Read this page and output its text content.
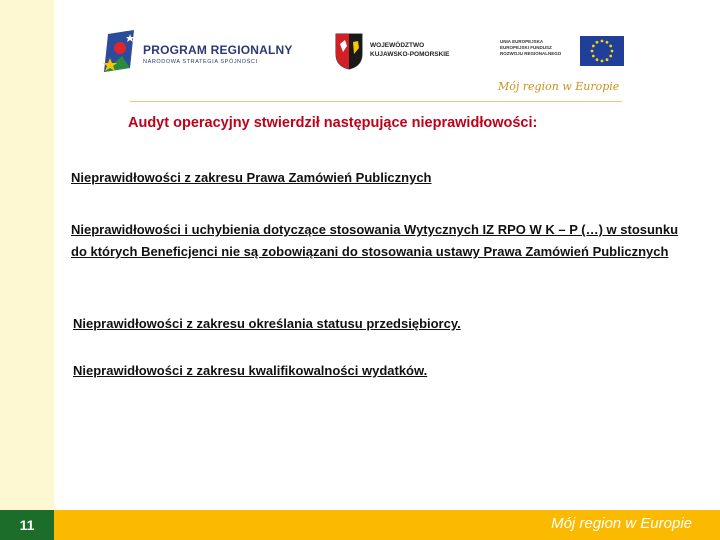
PROGRAM REGIONALNY
NARODOWA STRATEGIA SPÓJNOŚCI
WOJEWÓDZTWO
KUJAWSKO-POMORSKIE
UNIA EUROPEJSKA
EUROPEJSKI FUNDUSZ
ROZWOJU REGIONALNEGO
Mój region w Europie
Audyt operacyjny stwierdził następujące nieprawidłowości:
Nieprawidłowości z zakresu Prawa Zamówień Publicznych
Nieprawidłowości i uchybienia dotyczące stosowania Wytycznych IZ RPO W K – P (…) w stosunku do których Beneficjenci nie są zobowiązani do stosowania ustawy Prawa Zamówień Publicznych
Nieprawidłowości z zakresu określania statusu przedsiębiorcy.
Nieprawidłowości z zakresu kwalifikowalności wydatków.
11	Mój region w Europie
